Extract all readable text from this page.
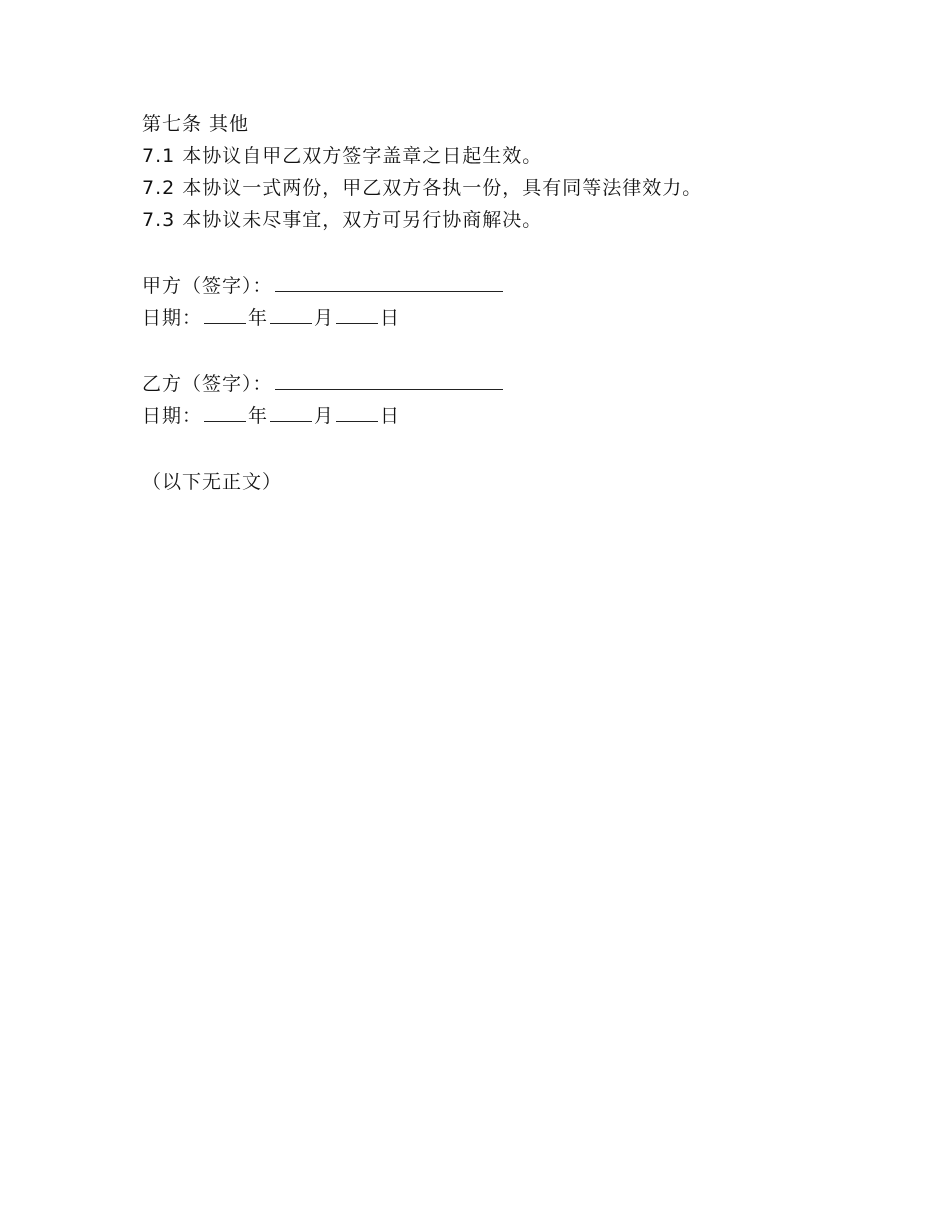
第七条 其他
7.1 本协议自甲乙双方签字盖章之日起生效。
7.2 本协议一式两份，甲乙双方各执一份，具有同等法律效力。
7.3 本协议未尽事宜，双方可另行协商解决。
甲方（签字）：
日期： 年 月 日
乙方（签字）：
日期： 年 月 日
（以下无正文）
